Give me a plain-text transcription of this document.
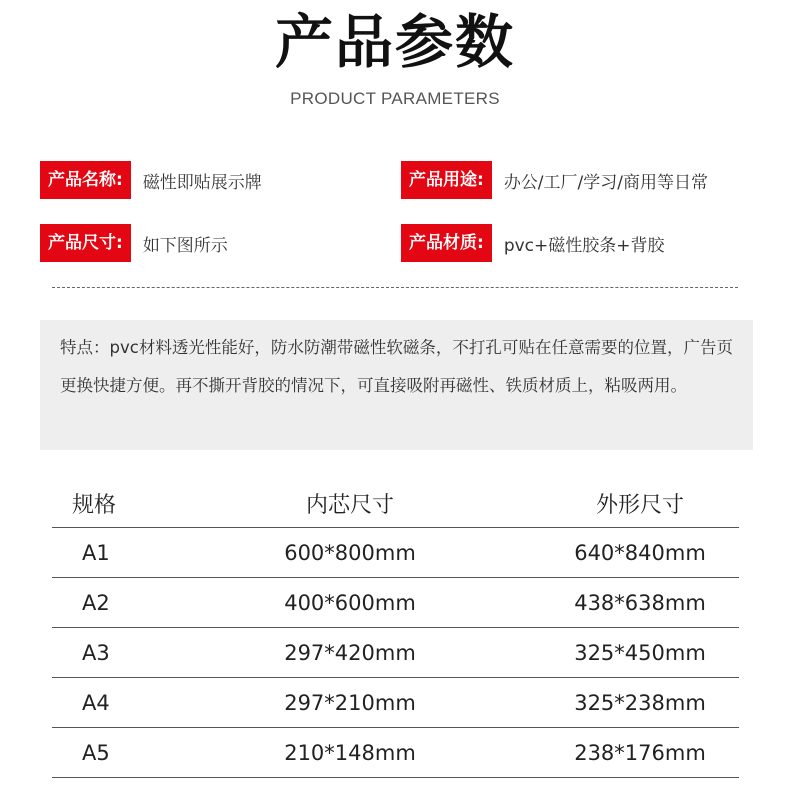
产品参数
PRODUCT PARAMETERS
产品名称:	磁性即贴展示牌	产品用途:	办公/工厂/学习/商用等日常
产品尺寸:	如下图所示	产品材质:	pvc+磁性胶条+背胶
特点：pvc材料透光性能好，防水防潮带磁性软磁条，不打孔可贴在任意需要的位置，广告页更换快捷方便。再不撕开背胶的情况下，可直接吸附再磁性、铁质材质上，粘吸两用。
规格	内芯尺寸	外形尺寸
A1	600*800mm	640*840mm
A2	400*600mm	438*638mm
A3	297*420mm	325*450mm
A4	297*210mm	325*238mm
A5	210*148mm	238*176mm
